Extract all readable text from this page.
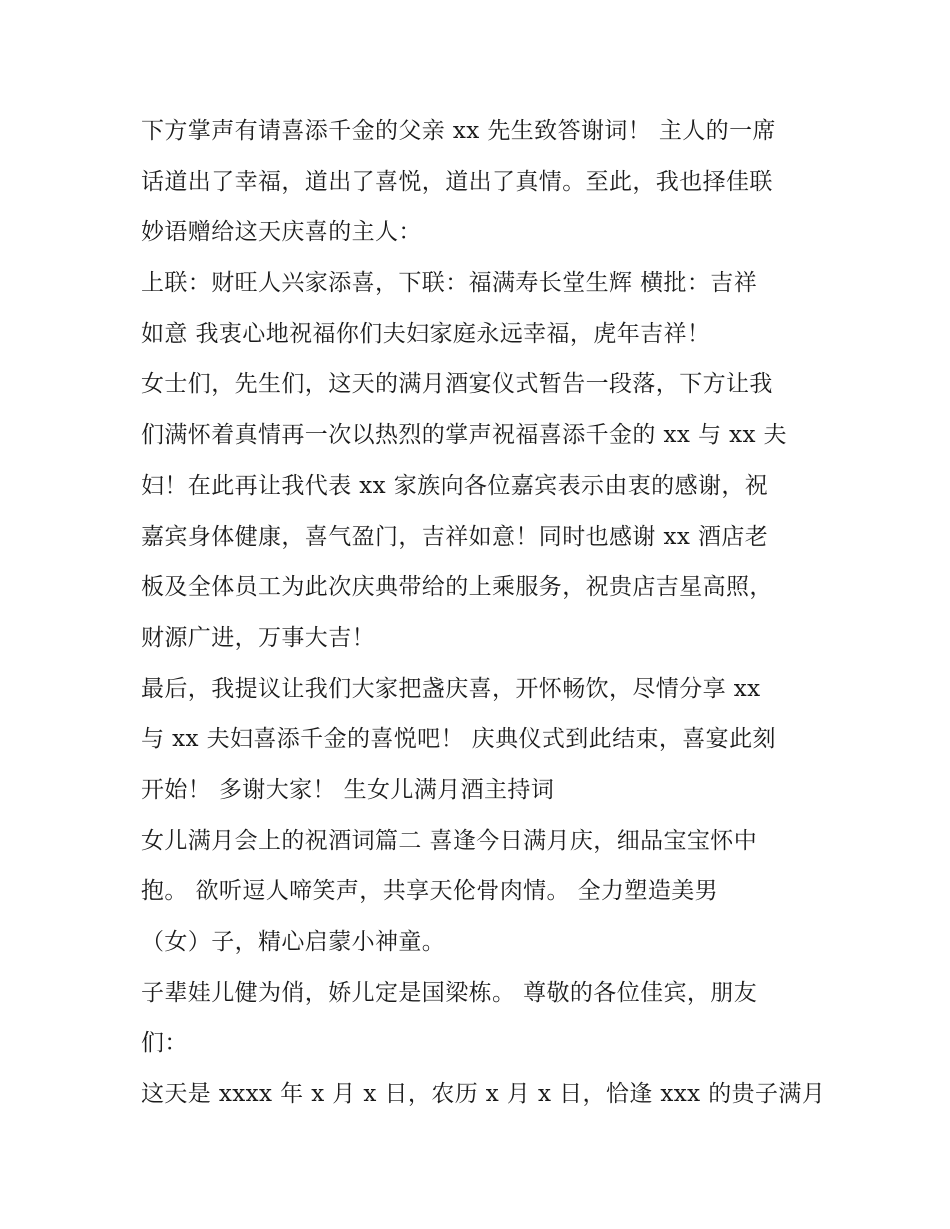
下方掌声有请喜添千金的父亲 xx 先生致答谢词！ 主人的一席
话道出了幸福，道出了喜悦，道出了真情。至此，我也择佳联
妙语赠给这天庆喜的主人：
上联：财旺人兴家添喜，下联：福满寿长堂生辉 横批：吉祥
如意 我衷心地祝福你们夫妇家庭永远幸福，虎年吉祥！
女士们，先生们，这天的满月酒宴仪式暂告一段落，下方让我
们满怀着真情再一次以热烈的掌声祝福喜添千金的 xx 与 xx 夫
妇！在此再让我代表 xx 家族向各位嘉宾表示由衷的感谢，祝
嘉宾身体健康，喜气盈门，吉祥如意！同时也感谢 xx 酒店老
板及全体员工为此次庆典带给的上乘服务，祝贵店吉星高照，
财源广进，万事大吉！
最后，我提议让我们大家把盏庆喜，开怀畅饮，尽情分享 xx
与 xx 夫妇喜添千金的喜悦吧！ 庆典仪式到此结束，喜宴此刻
开始！ 多谢大家！ 生女儿满月酒主持词
女儿满月会上的祝酒词篇二 喜逢今日满月庆，细品宝宝怀中
抱。 欲听逗人啼笑声，共享天伦骨肉情。 全力塑造美男
（女）子，精心启蒙小神童。
子辈娃儿健为俏，娇儿定是国梁栋。 尊敬的各位佳宾，朋友
们：
这天是 xxxx 年 x 月 x 日，农历 x 月 x 日，恰逢 xxx 的贵子满月
